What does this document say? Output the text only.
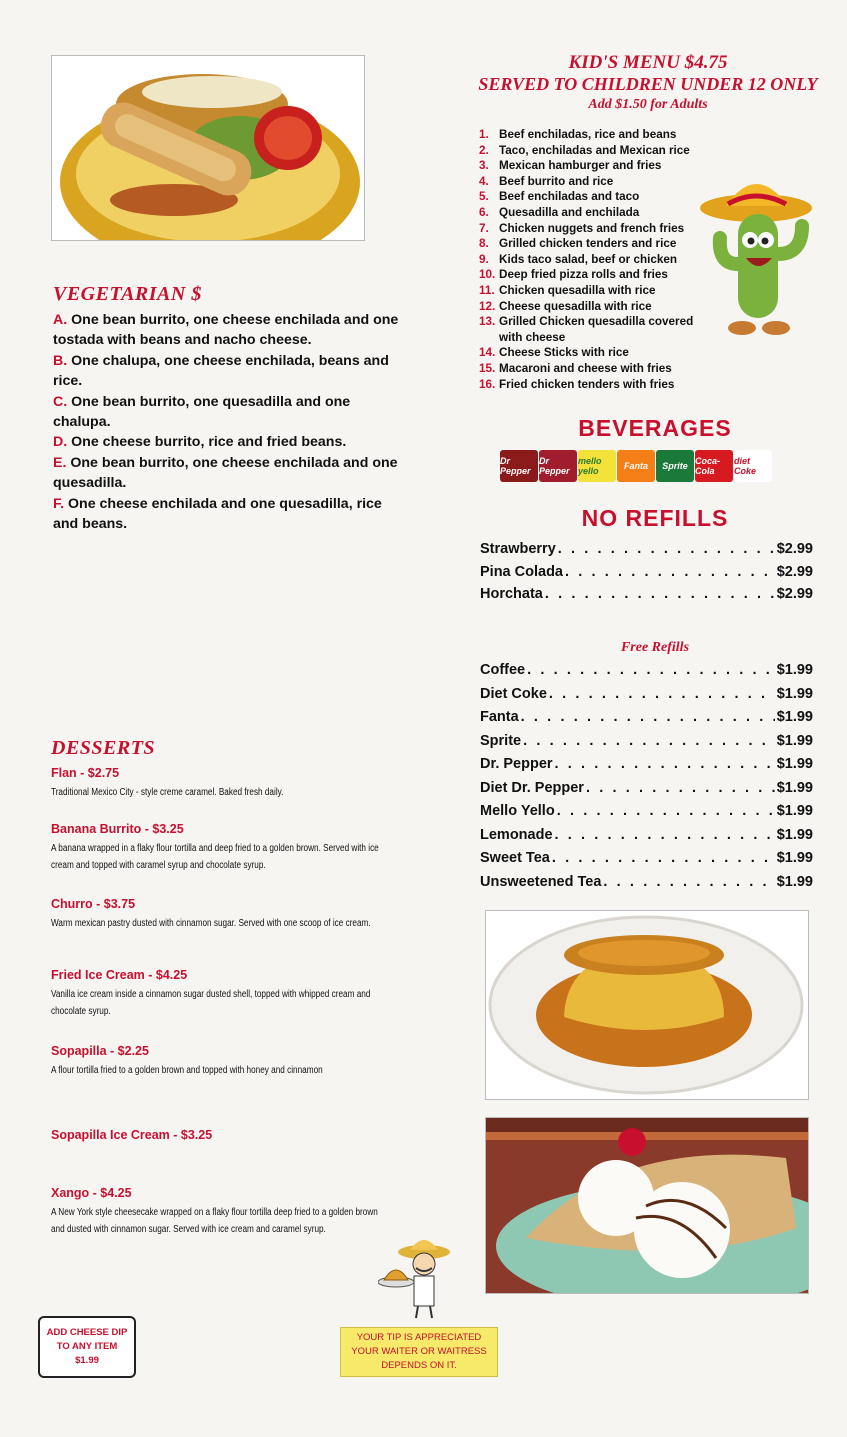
KID'S MENU $4.75
SERVED TO CHILDREN UNDER 12 ONLY
Add $1.50 for Adults
1. Beef enchiladas, rice and beans
2. Taco, enchiladas and Mexican rice
3. Mexican hamburger and fries
4. Beef burrito and rice
5. Beef enchiladas and taco
6. Quesadilla and enchilada
7. Chicken nuggets and french fries
8. Grilled chicken tenders and rice
9. Kids taco salad, beef or chicken
10. Deep fried pizza rolls and fries
11. Chicken quesadilla with rice
12. Cheese quesadilla with rice
13. Grilled Chicken quesadilla covered
with cheese
14. Cheese Sticks with rice
15. Macaroni and cheese with fries
16. Fried chicken tenders with fries
VEGETARIAN $

A. One bean burrito, one cheese enchilada and one tostada with beans and nacho cheese.

B. One chalupa, one cheese enchilada, beans and rice.

C. One bean burrito, one quesadilla and one chalupa.

D. One cheese burrito, rice and fried beans.

E. One bean burrito, one cheese enchilada and one quesadilla.

F. One cheese enchilada and one quesadilla, rice and beans.

BEVERAGES
Dr Pepper
Dr Pepper
mello yello	Fanta	Sprite Coca-Cola
diet Coke
NO REFILLS
Strawberry . . .	$2.99
Pina Colada . . .	$2.99
Horchata . . .	$2.99
Free Refills
Coffee . . .	$1.99
Diet Coke . . .	$1.99
Fanta . . .	$1.99
Sprite . . .	$1.99
Dr. Pepper . . .	$1.99
Diet Dr. Pepper . . .	$1.99
Mello Yello . . .	$1.99
Lemonade . . .	$1.99
Sweet Tea . . .	$1.99
Unsweetened Tea . . .	$1.99
DESSERTS
Flan - $2.75
Traditional Mexico City - style creme caramel. Baked fresh daily.
Banana Burrito - $3.25
A banana wrapped in a flaky flour tortilla and deep fried to a golden brown. Served with ice cream and topped with caramel syrup and chocolate syrup.
Churro - $3.75
Warm mexican pastry dusted with cinnamon sugar. Served with one scoop of ice cream.
Fried Ice Cream - $4.25
Vanilla ice cream inside a cinnamon sugar dusted shell, topped with whipped cream and chocolate syrup.
Sopapilla - $2.25
A flour tortilla fried to a golden brown and topped with honey and cinnamon
Sopapilla Ice Cream - $3.25
Xango - $4.25
A New York style cheesecake wrapped on a flaky flour tortilla deep fried to a golden brown and dusted with cinnamon sugar. Served with ice cream and caramel syrup.
ADD CHEESE DIP
TO ANY ITEM
$1.99
YOUR TIP IS APPRECIATED
YOUR WAITER OR WAITRESS
DEPENDS ON IT.
